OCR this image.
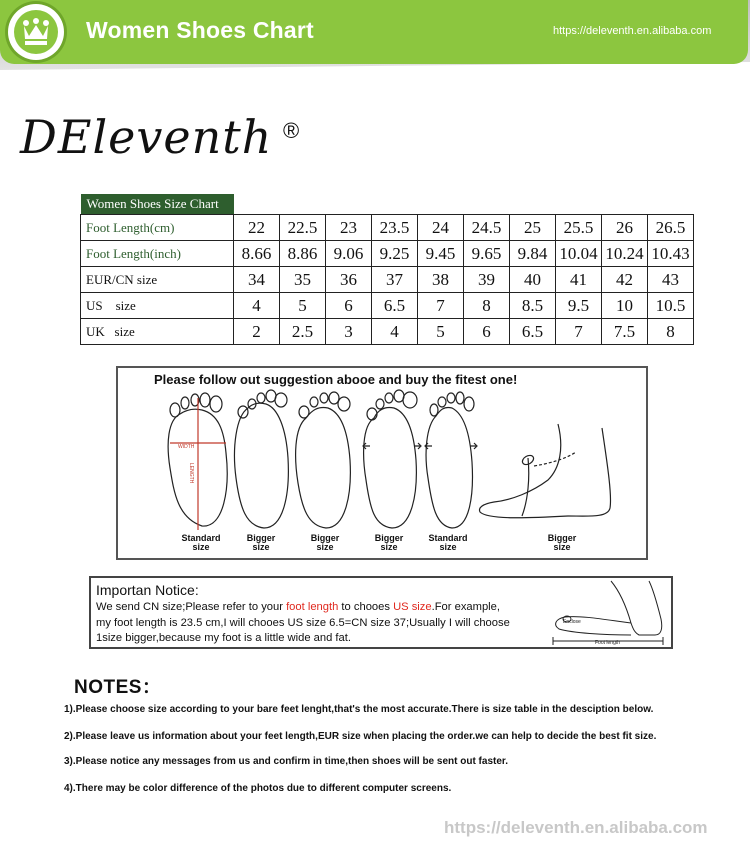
Women Shoes Chart	https://deleventh.en.alibaba.com
DEleventh ®
Women Shoes Size Chart										
Foot Length(cm)	22	22.5	23	23.5	24	24.5	25	25.5	26	26.5
Foot Length(inch)	8.66	8.86	9.06	9.25	9.45	9.65	9.84	10.04	10.24	10.43
EUR/CN size	34	35	36	37	38	39	40	41	42	43
US    size	4	5	6	6.5	7	8	8.5	9.5	10	10.5
UK   size	2	2.5	3	4	5	6	6.5	7	7.5	8
Please follow out suggestion abooe and buy the fitest one!
WIDTH
LENGTH
Standard
size
Bigger
size
Bigger
size
Bigger
size
Standard
size
Bigger
size
Importan Notice:
We send CN size;Please refer to your foot length to chooes US size.For example,
my foot length is 23.5 cm,I will chooes US size 6.5=CN size 37;Usually I will choose
1size bigger,because my foot is a little wide and fat.
Enclose
Foot length
NOTES：
1).Please choose size according to your bare feet lenght,that's the most accurate.There is size table in the desciption below.
2).Please leave us information about your feet length,EUR size when placing the order.we can help to decide the best fit size.
3).Please notice any messages from us and confirm in time,then shoes will be sent out faster.
4).There may be color difference of the photos due to different computer screens.
https://deleventh.en.alibaba.com
